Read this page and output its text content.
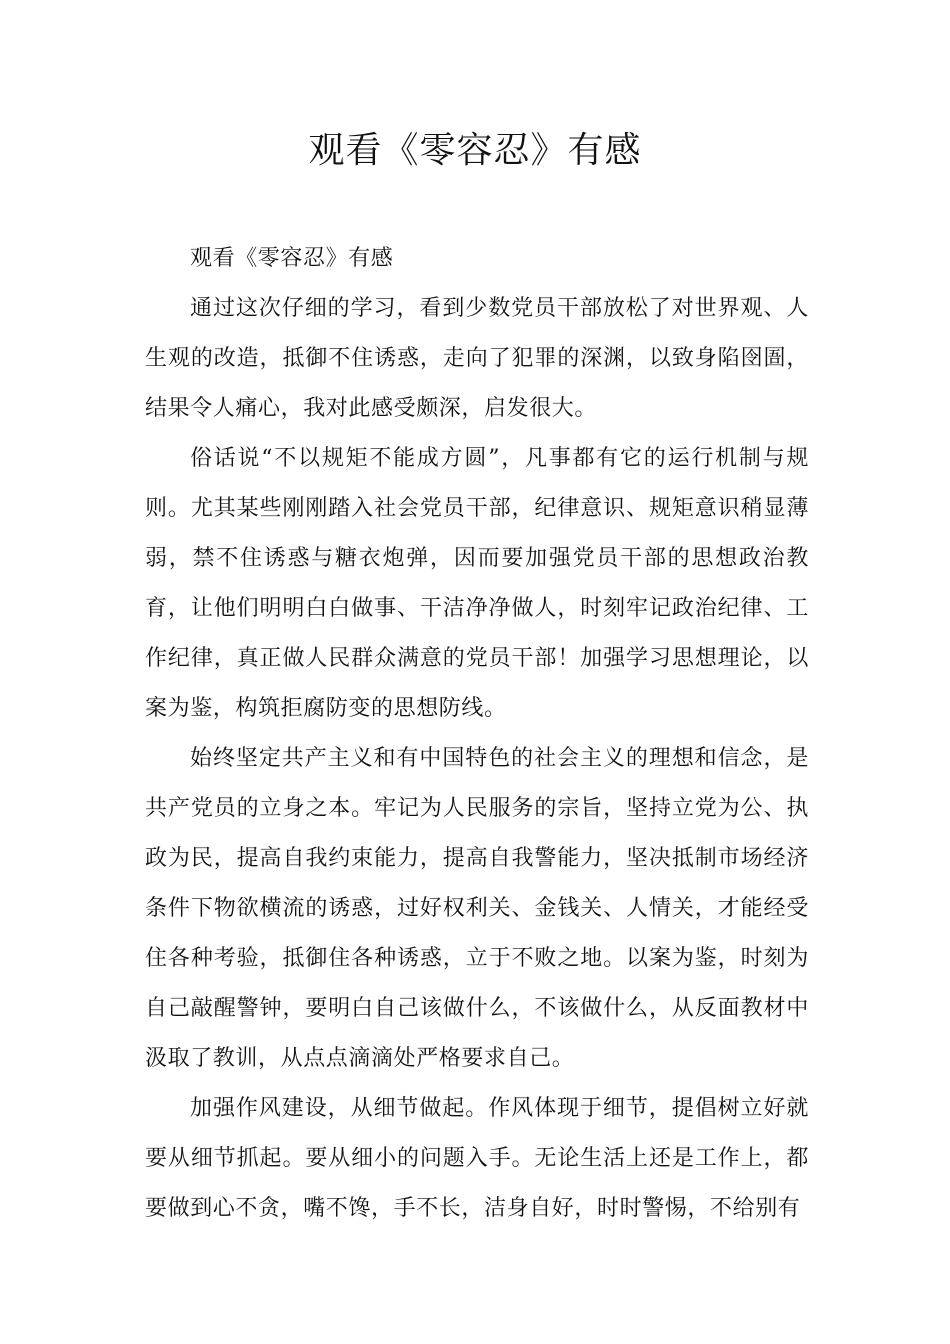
观看《零容忍》有感

观看《零容忍》有感

通过这次仔细的学习，看到少数党员干部放松了对世界观、人生观的改造，抵御不住诱惑，走向了犯罪的深渊，以致身陷囹圄，结果令人痛心，我对此感受颇深，启发很大。

俗话说“不以规矩不能成方圆”，凡事都有它的运行机制与规则。尤其某些刚刚踏入社会党员干部，纪律意识、规矩意识稍显薄弱，禁不住诱惑与糖衣炮弹，因而要加强党员干部的思想政治教育，让他们明明白白做事、干洁净净做人，时刻牢记政治纪律、工作纪律，真正做人民群众满意的党员干部！加强学习思想理论，以案为鉴，构筑拒腐防变的思想防线。

始终坚定共产主义和有中国特色的社会主义的理想和信念，是共产党员的立身之本。牢记为人民服务的宗旨，坚持立党为公、执政为民，提高自我约束能力，提高自我警能力，坚决抵制市场经济条件下物欲横流的诱惑，过好权利关、金钱关、人情关，才能经受住各种考验，抵御住各种诱惑，立于不败之地。以案为鉴，时刻为自己敲醒警钟，要明白自己该做什么，不该做什么，从反面教材中汲取了教训，从点点滴滴处严格要求自己。

加强作风建设，从细节做起。作风体现于细节，提倡树立好就要从细节抓起。要从细小的问题入手。无论生活上还是工作上，都要做到心不贪，嘴不馋，手不长，洁身自好，时时警惕，不给别有
